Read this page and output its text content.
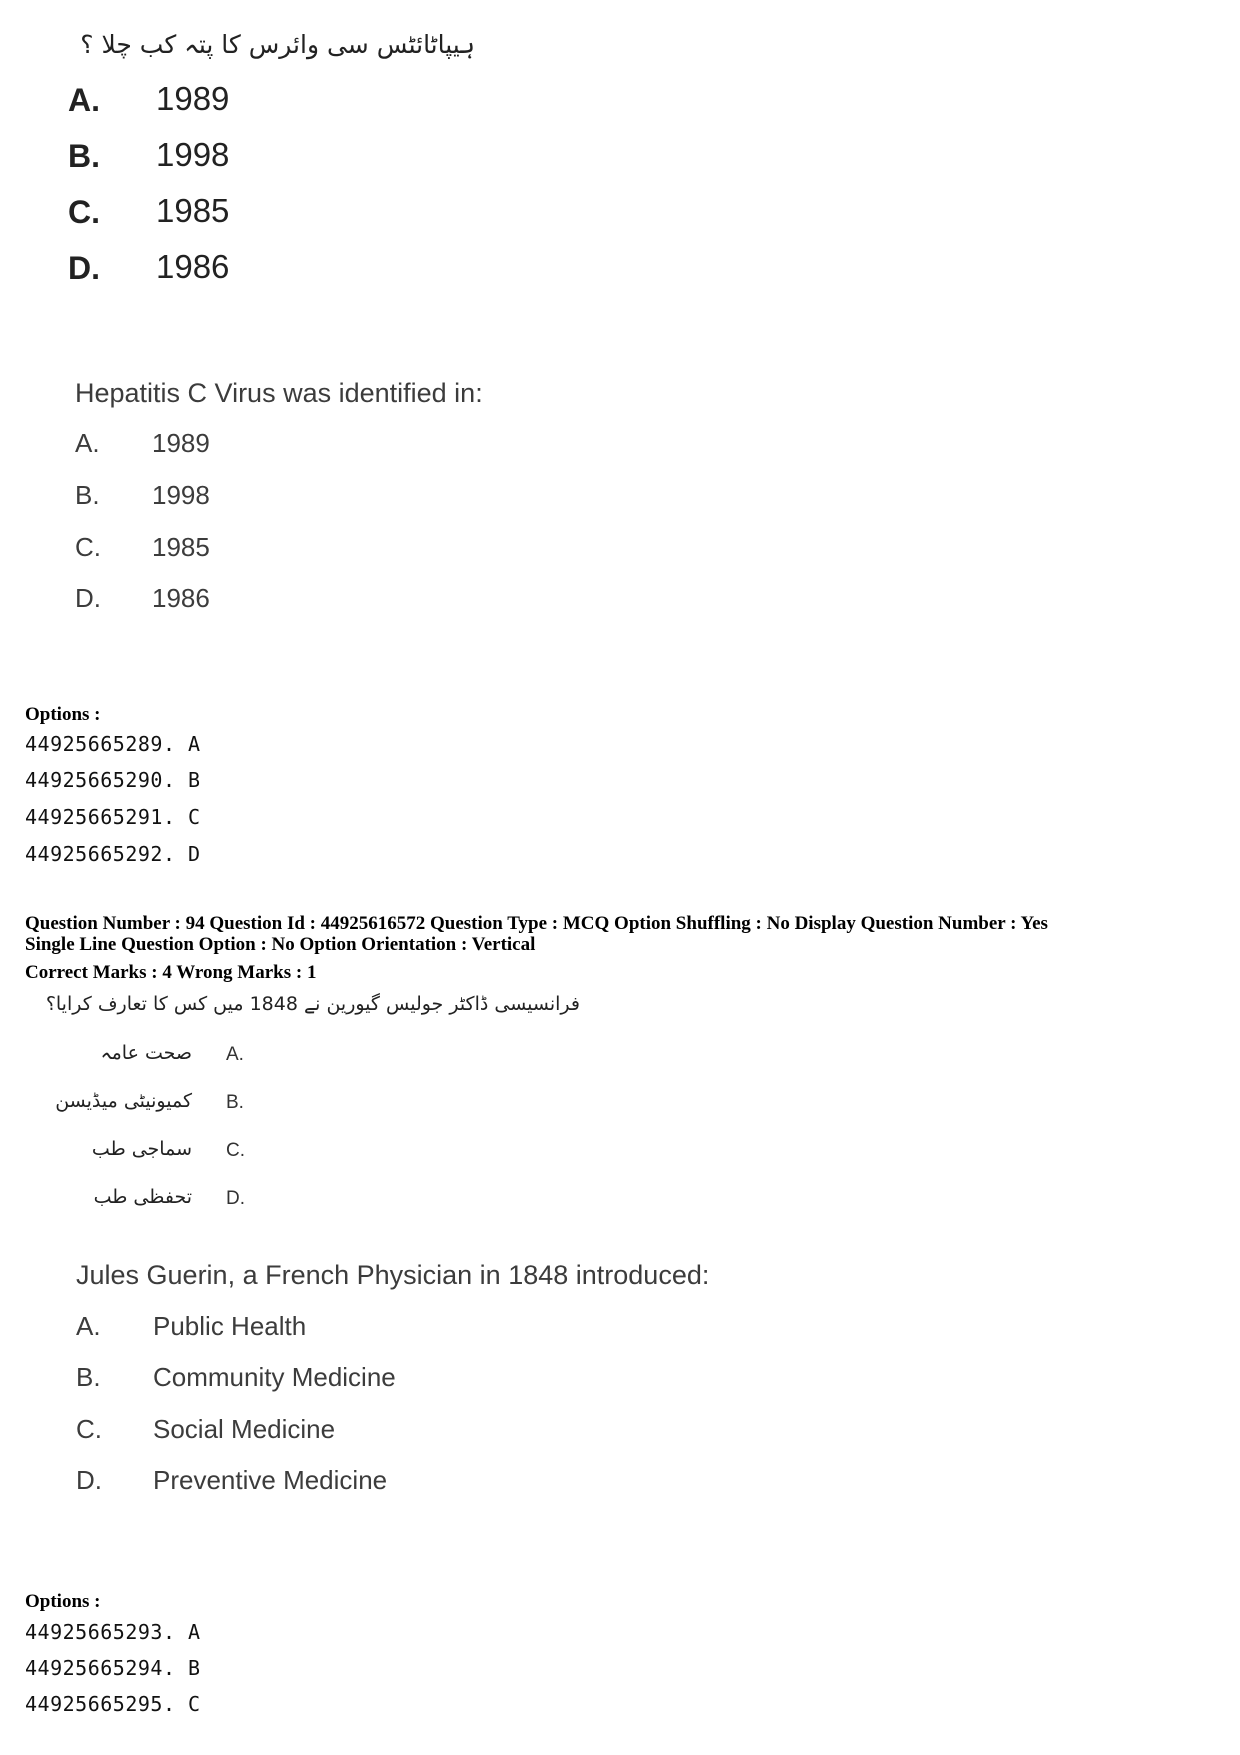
ہیپاٹائٹس سی وائرس کا پتہ کب چلا ؟
A. 1989
B. 1998
C. 1985
D. 1986
Hepatitis C Virus was identified in:
A. 1989
B. 1998
C. 1985
D. 1986
Options :
44925665289. A
44925665290. B
44925665291. C
44925665292. D
Question Number : 94 Question Id : 44925616572 Question Type : MCQ Option Shuffling : No Display Question Number : Yes
Single Line Question Option : No Option Orientation : Vertical
Correct Marks : 4 Wrong Marks : 1
فرانسیسی ڈاکٹر جولیس گیورین نے 1848 میں کس کا تعارف کرایا؟
صحت عامہ A.
کمیونیٹی میڈیسن B.
سماجی طب C.
تحفظی طب D.
Jules Guerin, a French Physician in 1848 introduced:
A. Public Health
B. Community Medicine
C. Social Medicine
D. Preventive Medicine
Options :
44925665293. A
44925665294. B
44925665295. C
